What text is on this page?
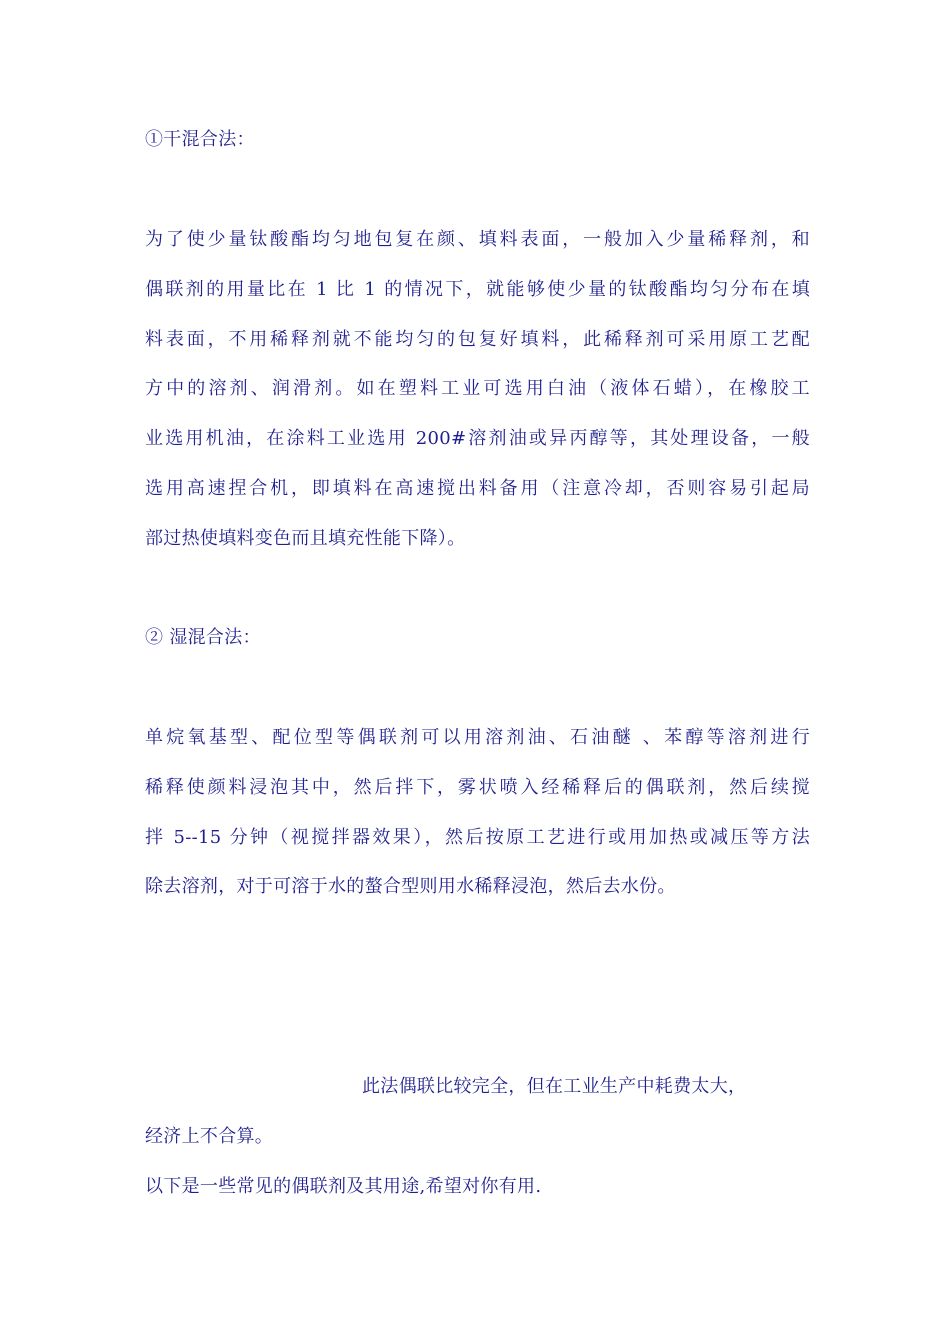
①干混合法：
为了使少量钛酸酯均匀地包复在颜、填料表面，一般加入少量稀释剂，和
偶联剂的用量比在 1 比 1 的情况下，就能够使少量的钛酸酯均匀分布在填
料表面，不用稀释剂就不能均匀的包复好填料，此稀释剂可采用原工艺配
方中的溶剂、润滑剂。如在塑料工业可选用白油（液体石蜡），在橡胶工
业选用机油，在涂料工业选用 200#溶剂油或异丙醇等，其处理设备，一般
选用高速捏合机，即填料在高速搅出料备用（注意冷却，否则容易引起局
部过热使填料变色而且填充性能下降）。
② 湿混合法：
单烷氧基型、配位型等偶联剂可以用溶剂油、石油醚 、苯醇等溶剂进行
稀释使颜料浸泡其中，然后拌下，雾状喷入经稀释后的偶联剂，然后续搅
拌 5--15 分钟（视搅拌器效果），然后按原工艺进行或用加热或减压等方法
除去溶剂，对于可溶于水的螯合型则用水稀释浸泡，然后去水份。
此法偶联比较完全，但在工业生产中耗费太大，
经济上不合算。
以下是一些常见的偶联剂及其用途,希望对你有用.
